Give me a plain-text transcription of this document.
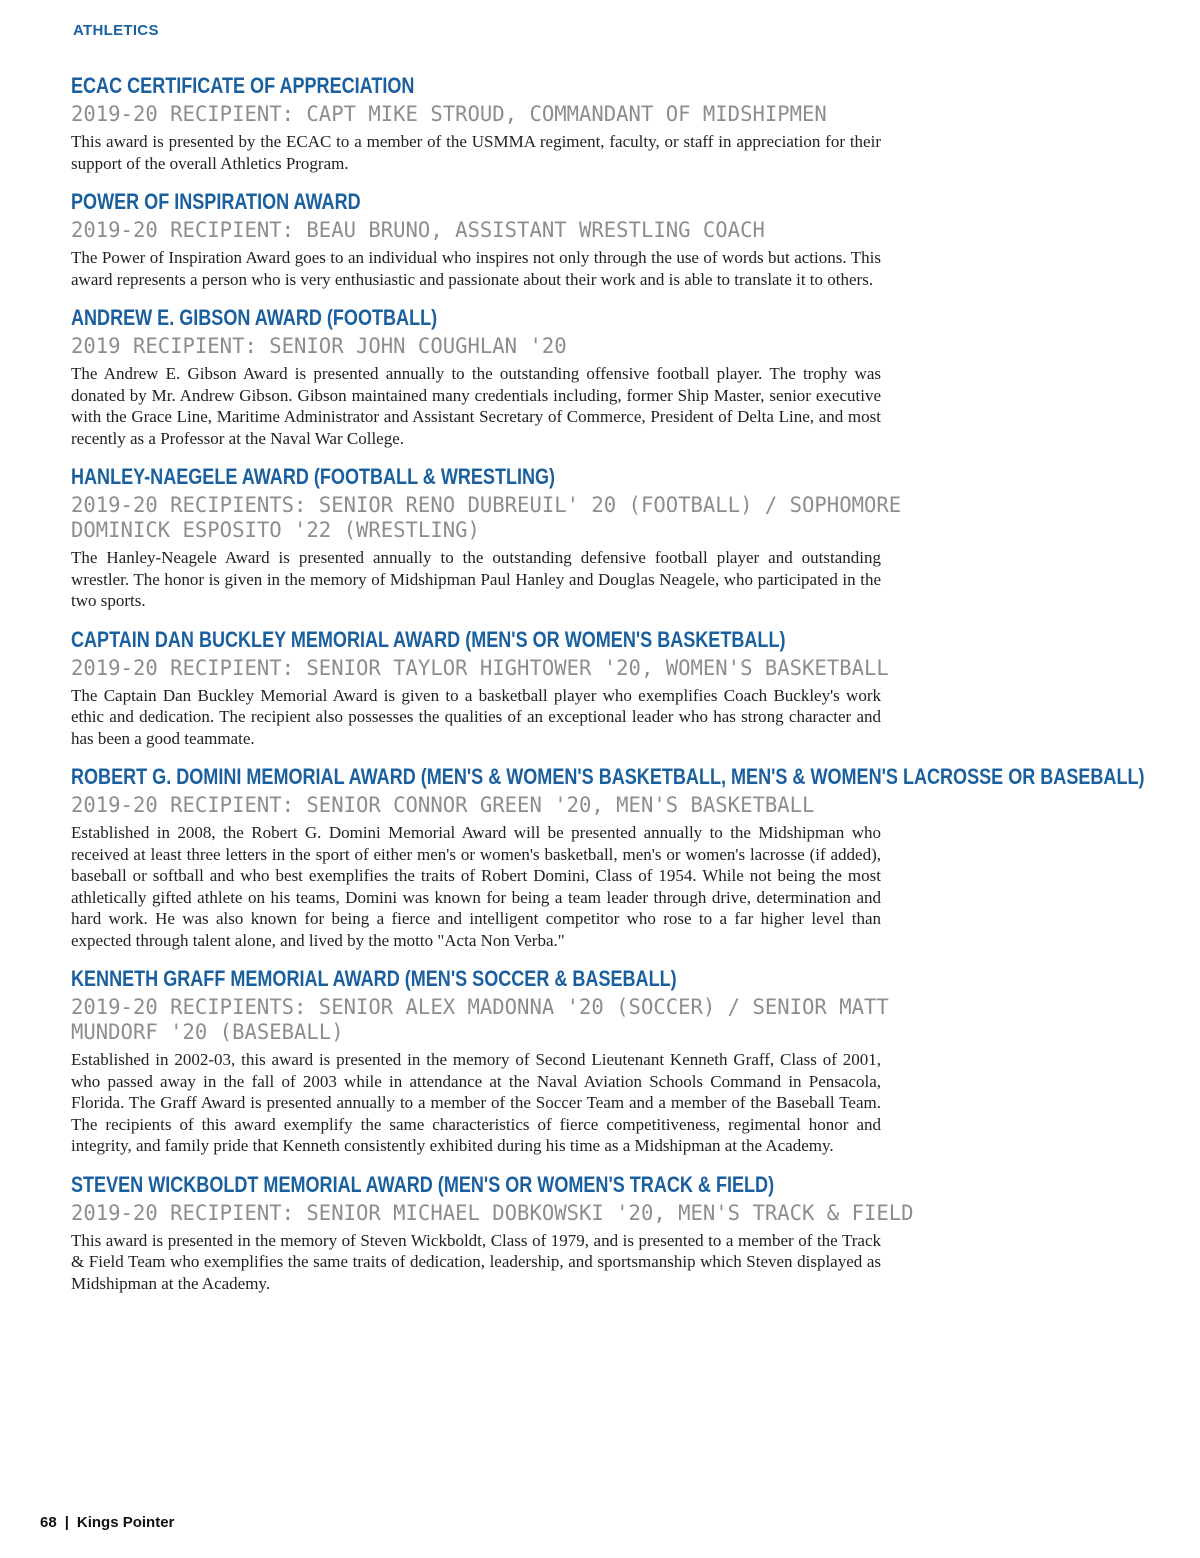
ATHLETICS
ECAC CERTIFICATE OF APPRECIATION
2019-20 RECIPIENT: CAPT MIKE STROUD, COMMANDANT OF MIDSHIPMEN
This award is presented by the ECAC to a member of the USMMA regiment, faculty, or staff in appreciation for their support of the overall Athletics Program.
POWER OF INSPIRATION AWARD
2019-20 RECIPIENT: BEAU BRUNO, ASSISTANT WRESTLING COACH
The Power of Inspiration Award goes to an individual who inspires not only through the use of words but actions. This award represents a person who is very enthusiastic and passionate about their work and is able to translate it to others.
ANDREW E. GIBSON AWARD (FOOTBALL)
2019 RECIPIENT: SENIOR JOHN COUGHLAN '20
The Andrew E. Gibson Award is presented annually to the outstanding offensive football player. The trophy was donated by Mr. Andrew Gibson. Gibson maintained many credentials including, former Ship Master, senior executive with the Grace Line, Maritime Administrator and Assistant Secretary of Commerce, President of Delta Line, and most recently as a Professor at the Naval War College.
HANLEY-NAEGELE AWARD (FOOTBALL & WRESTLING)
2019-20 RECIPIENTS: SENIOR RENO DUBREUIL' 20 (FOOTBALL) / SOPHOMORE DOMINICK ESPOSITO '22 (WRESTLING)
The Hanley-Neagele Award is presented annually to the outstanding defensive football player and outstanding wrestler. The honor is given in the memory of Midshipman Paul Hanley and Douglas Neagele, who participated in the two sports.
CAPTAIN DAN BUCKLEY MEMORIAL AWARD (MEN'S OR WOMEN'S BASKETBALL)
2019-20 RECIPIENT: SENIOR TAYLOR HIGHTOWER '20, WOMEN'S BASKETBALL
The Captain Dan Buckley Memorial Award is given to a basketball player who exemplifies Coach Buckley's work ethic and dedication. The recipient also possesses the qualities of an exceptional leader who has strong character and has been a good teammate.
ROBERT G. DOMINI MEMORIAL AWARD (MEN'S & WOMEN'S BASKETBALL, MEN'S & WOMEN'S LACROSSE OR BASEBALL)
2019-20 RECIPIENT: SENIOR CONNOR GREEN '20, MEN'S BASKETBALL
Established in 2008, the Robert G. Domini Memorial Award will be presented annually to the Midshipman who received at least three letters in the sport of either men's or women's basketball, men's or women's lacrosse (if added), baseball or softball and who best exemplifies the traits of Robert Domini, Class of 1954. While not being the most athletically gifted athlete on his teams, Domini was known for being a team leader through drive, determination and hard work. He was also known for being a fierce and intelligent competitor who rose to a far higher level than expected through talent alone, and lived by the motto "Acta Non Verba."
KENNETH GRAFF MEMORIAL AWARD (MEN'S SOCCER & BASEBALL)
2019-20 RECIPIENTS: SENIOR ALEX MADONNA '20 (SOCCER) / SENIOR MATT MUNDORF '20 (BASEBALL)
Established in 2002-03, this award is presented in the memory of Second Lieutenant Kenneth Graff, Class of 2001, who passed away in the fall of 2003 while in attendance at the Naval Aviation Schools Command in Pensacola, Florida. The Graff Award is presented annually to a member of the Soccer Team and a member of the Baseball Team. The recipients of this award exemplify the same characteristics of fierce competitiveness, regimental honor and integrity, and family pride that Kenneth consistently exhibited during his time as a Midshipman at the Academy.
STEVEN WICKBOLDT MEMORIAL AWARD (MEN'S OR WOMEN'S TRACK & FIELD)
2019-20 RECIPIENT: SENIOR MICHAEL DOBKOWSKI '20, MEN'S TRACK & FIELD
This award is presented in the memory of Steven Wickboldt, Class of 1979, and is presented to a member of the Track & Field Team who exemplifies the same traits of dedication, leadership, and sportsmanship which Steven displayed as Midshipman at the Academy.
68 | Kings Pointer
